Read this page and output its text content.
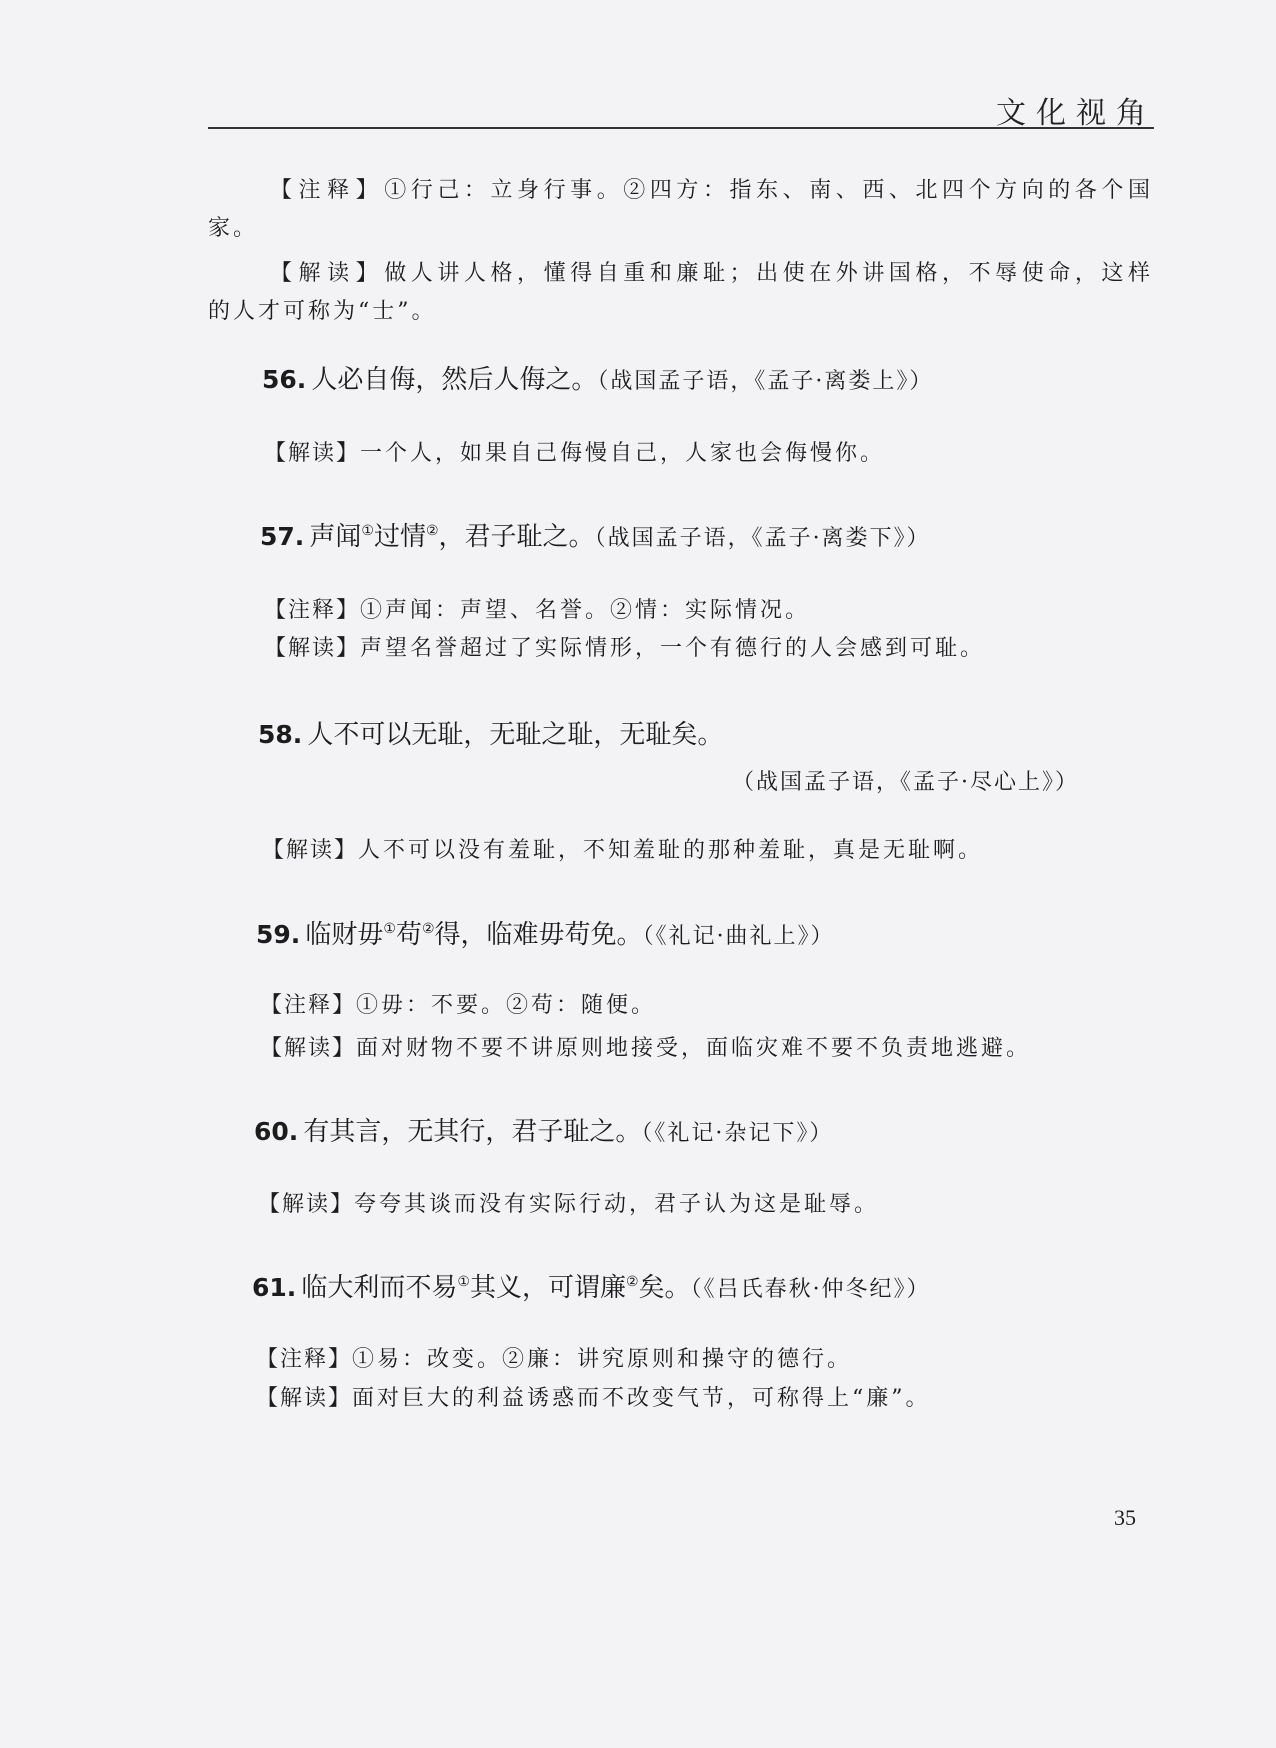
文化视角
【注释】①行己：立身行事。②四方：指东、南、西、北四个方向的各个国
家。
【解读】做人讲人格，懂得自重和廉耻；出使在外讲国格，不辱使命，这样
的人才可称为“士”。
56. 人必自侮，然后人侮之。（战国孟子语，《孟子·离娄上》）
【解读】一个人，如果自己侮慢自己，人家也会侮慢你。
57. 声闻①过情②，君子耻之。（战国孟子语，《孟子·离娄下》）
【注释】①声闻：声望、名誉。②情：实际情况。
【解读】声望名誉超过了实际情形，一个有德行的人会感到可耻。
58. 人不可以无耻，无耻之耻，无耻矣。
（战国孟子语，《孟子·尽心上》）
【解读】人不可以没有羞耻，不知羞耻的那种羞耻，真是无耻啊。
59. 临财毋①苟②得，临难毋苟免。（《礼记·曲礼上》）
【注释】①毋：不要。②苟：随便。
【解读】面对财物不要不讲原则地接受，面临灾难不要不负责地逃避。
60. 有其言，无其行，君子耻之。（《礼记·杂记下》）
【解读】夸夸其谈而没有实际行动，君子认为这是耻辱。
61. 临大利而不易①其义，可谓廉②矣。（《吕氏春秋·仲冬纪》）
【注释】①易：改变。②廉：讲究原则和操守的德行。
【解读】面对巨大的利益诱惑而不改变气节，可称得上“廉”。
35
